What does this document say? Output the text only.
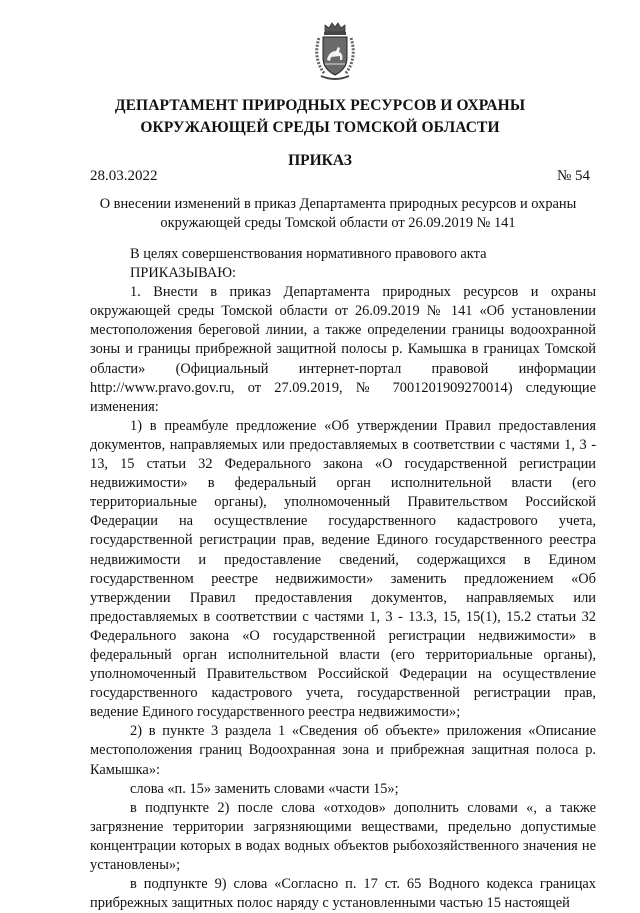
ДЕПАРТАМЕНТ ПРИРОДНЫХ РЕСУРСОВ И ОХРАНЫ ОКРУЖАЮЩЕЙ СРЕДЫ ТОМСКОЙ ОБЛАСТИ
ПРИКАЗ
28.03.2022	№ 54
О внесении изменений в приказ Департамента природных ресурсов и охраны окружающей среды Томской области от 26.09.2019 № 141

В целях совершенствования нормативного правового акта

ПРИКАЗЫВАЮ:

1. Внести в приказ Департамента природных ресурсов и охраны окружающей среды Томской области от 26.09.2019 № 141 «Об установлении местоположения береговой линии, а также определении границы водоохранной зоны и границы прибрежной защитной полосы р. Камышка в границах Томской области» (Официальный интернет-портал правовой информации http://www.pravo.gov.ru, от 27.09.2019, № 7001201909270014) следующие изменения:

1) в преамбуле предложение «Об утверждении Правил предоставления документов, направляемых или предоставляемых в соответствии с частями 1, 3 - 13, 15 статьи 32 Федерального закона «О государственной регистрации недвижимости» в федеральный орган исполнительной власти (его территориальные органы), уполномоченный Правительством Российской Федерации на осуществление государственного кадастрового учета, государственной регистрации прав, ведение Единого государственного реестра недвижимости и предоставление сведений, содержащихся в Едином государственном реестре недвижимости» заменить предложением «Об утверждении Правил предоставления документов, направляемых или предоставляемых в соответствии с частями 1, 3 - 13.3, 15, 15(1), 15.2 статьи 32 Федерального закона «О государственной регистрации недвижимости» в федеральный орган исполнительной власти (его территориальные органы), уполномоченный Правительством Российской Федерации на осуществление государственного кадастрового учета, государственной регистрации прав, ведение Единого государственного реестра недвижимости»;

2) в пункте 3 раздела 1 «Сведения об объекте» приложения «Описание местоположения границ Водоохранная зона и прибрежная защитная полоса р. Камышка»:

слова «п. 15» заменить словами «части 15»;

в подпункте 2) после слова «отходов» дополнить словами «, а также загрязнение территории загрязняющими веществами, предельно допустимые концентрации которых в водах водных объектов рыбохозяйственного значения не установлены»;

в подпункте 9) слова «Согласно п. 17 ст. 65 Водного кодекса границах прибрежных защитных полос наряду с установленными частью 15 настоящей
